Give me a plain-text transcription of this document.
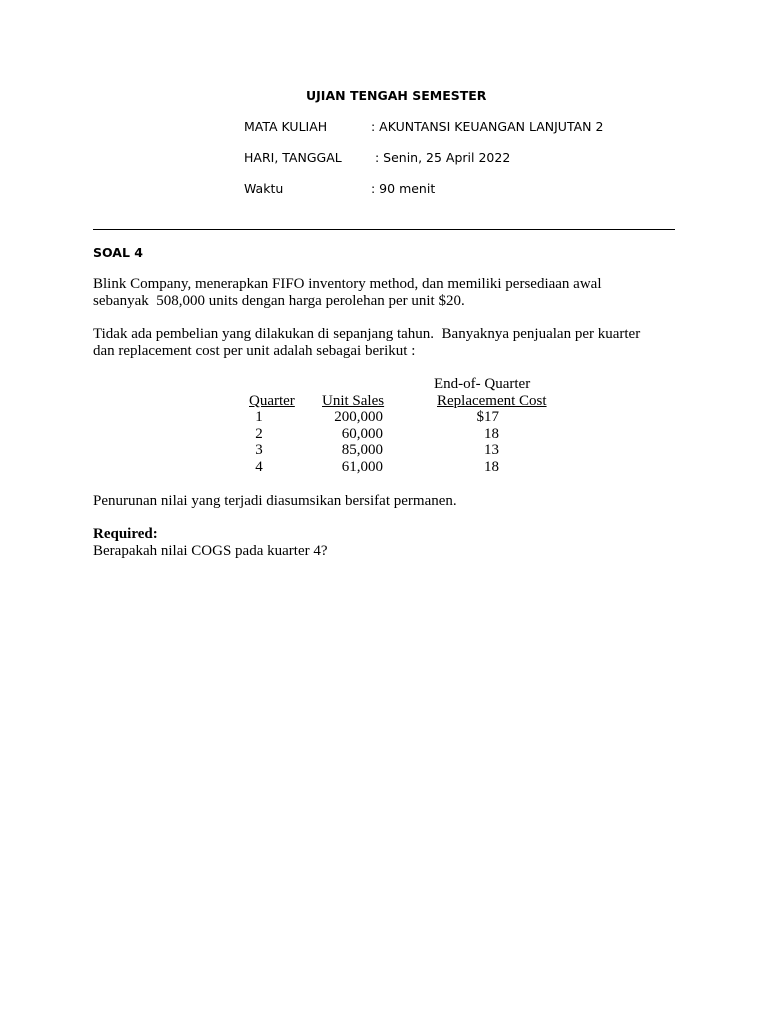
UJIAN TENGAH SEMESTER
MATA KULIAH	: AKUNTANSI KEUANGAN LANJUTAN 2
HARI, TANGGAL : Senin, 25 April 2022
Waktu	: 90 menit
SOAL 4

Blink Company, menerapkan FIFO inventory method, dan memiliki persediaan awal

sebanyak  508,000 units dengan harga perolehan per unit $20.

Tidak ada pembelian yang dilakukan di sepanjang tahun.  Banyaknya penjualan per kuarter

dan replacement cost per unit adalah sebagai berikut :

End-of- Quarter
Quarter Unit Sales	Replacement Cost
1	200,000	$17
2	60,000	18
3	85,000	13
4	61,000	18
Penurunan nilai yang terjadi diasumsikan bersifat permanen.
Required:
Berapakah nilai COGS pada kuarter 4?
